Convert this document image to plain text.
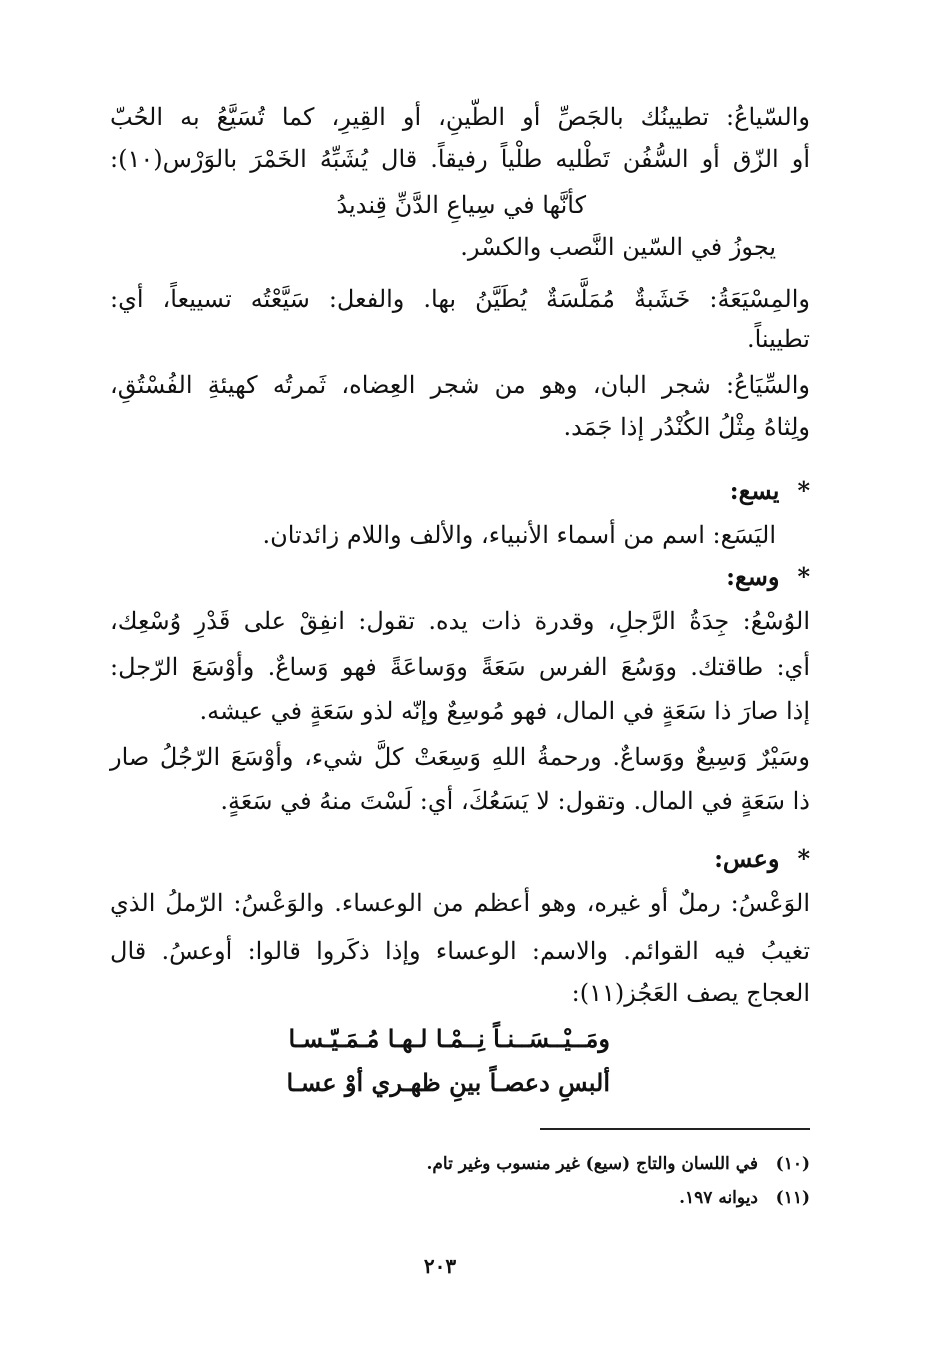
والسّياعُ: تطيينُك بالجَصِّ أو الطّينِ، أو القِيرِ، كما تُسَيَّعُ به الحُبّ

أو الزّق أو السُّفُن تَطْليه طلْياً رفيقاً. قال يُشَبِّهُ الخَمْرَ بالوَرْس(١٠):

كأنَّها في سِياعِ الدَّنِّ قِنديدُ

يجوزُ في السّين النَّصب والكسْر.

والمِسْيَعَةُ: خَشَبةٌ مُمَلَّسَةٌ يُطَيَّنُ بها. والفعل: سَيَّعْتُه تسييعاً، أي:

تطييناً.

والسِّيَاعُ: شجر البان، وهو من شجر العِضاه، ثَمرتُه كهيئةِ الفُسْتُقِ،

ولِثاهُ مِثْلُ الكُنْدُر إذا جَمَد.

*يسع:

اليَسَع: اسم من أسماء الأنبياء، والألف واللام زائدتان.

*وسع:

الوُسْعُ: جِدَةُ الرَّجلِ، وقدرة ذات يده. تقول: انفِقْ على قَدْرِ وُسْعِك،

أي: طاقتك. ووَسُعَ الفرس سَعَةً ووَساعَةً فهو وَساعٌ. وأوْسَعَ الرّجل:

إذا صارَ ذا سَعَةٍ في المال، فهو مُوسِعٌ وإنّه لذو سَعَةٍ في عيشه.

وسَيْرٌ وَسِيعٌ ووَساعٌ. ورحمةُ اللهِ وَسِعَتْ كلَّ شيء، وأوْسَعَ الرّجُلُ صار

ذا سَعَةٍ في المال. وتقول: لا يَسَعُكَ، أي: لَسْتَ منهُ في سَعَةٍ.

*وعس:

الوَعْسُ: رملٌ أو غيره، وهو أعظم من الوعساء. والوَعْسُ: الرّملُ الذي

تغيبُ فيه القوائم. والاسم: الوعساء وإذا ذكَروا قالوا: أوعسُ. قال

العجاج يصف العَجُز(١١):

ومَــيْــسَــنـاً نِــمْـا لـهـا مُـمَـيّـسـا

ألبسِ دعصـاً بينِ ظهـري أوْ عسـا

(١٠)في اللسان والتاج (سيع) غير منسوب وغير تام.
(١١)ديوانه ١٩٧.
٢٠٣
